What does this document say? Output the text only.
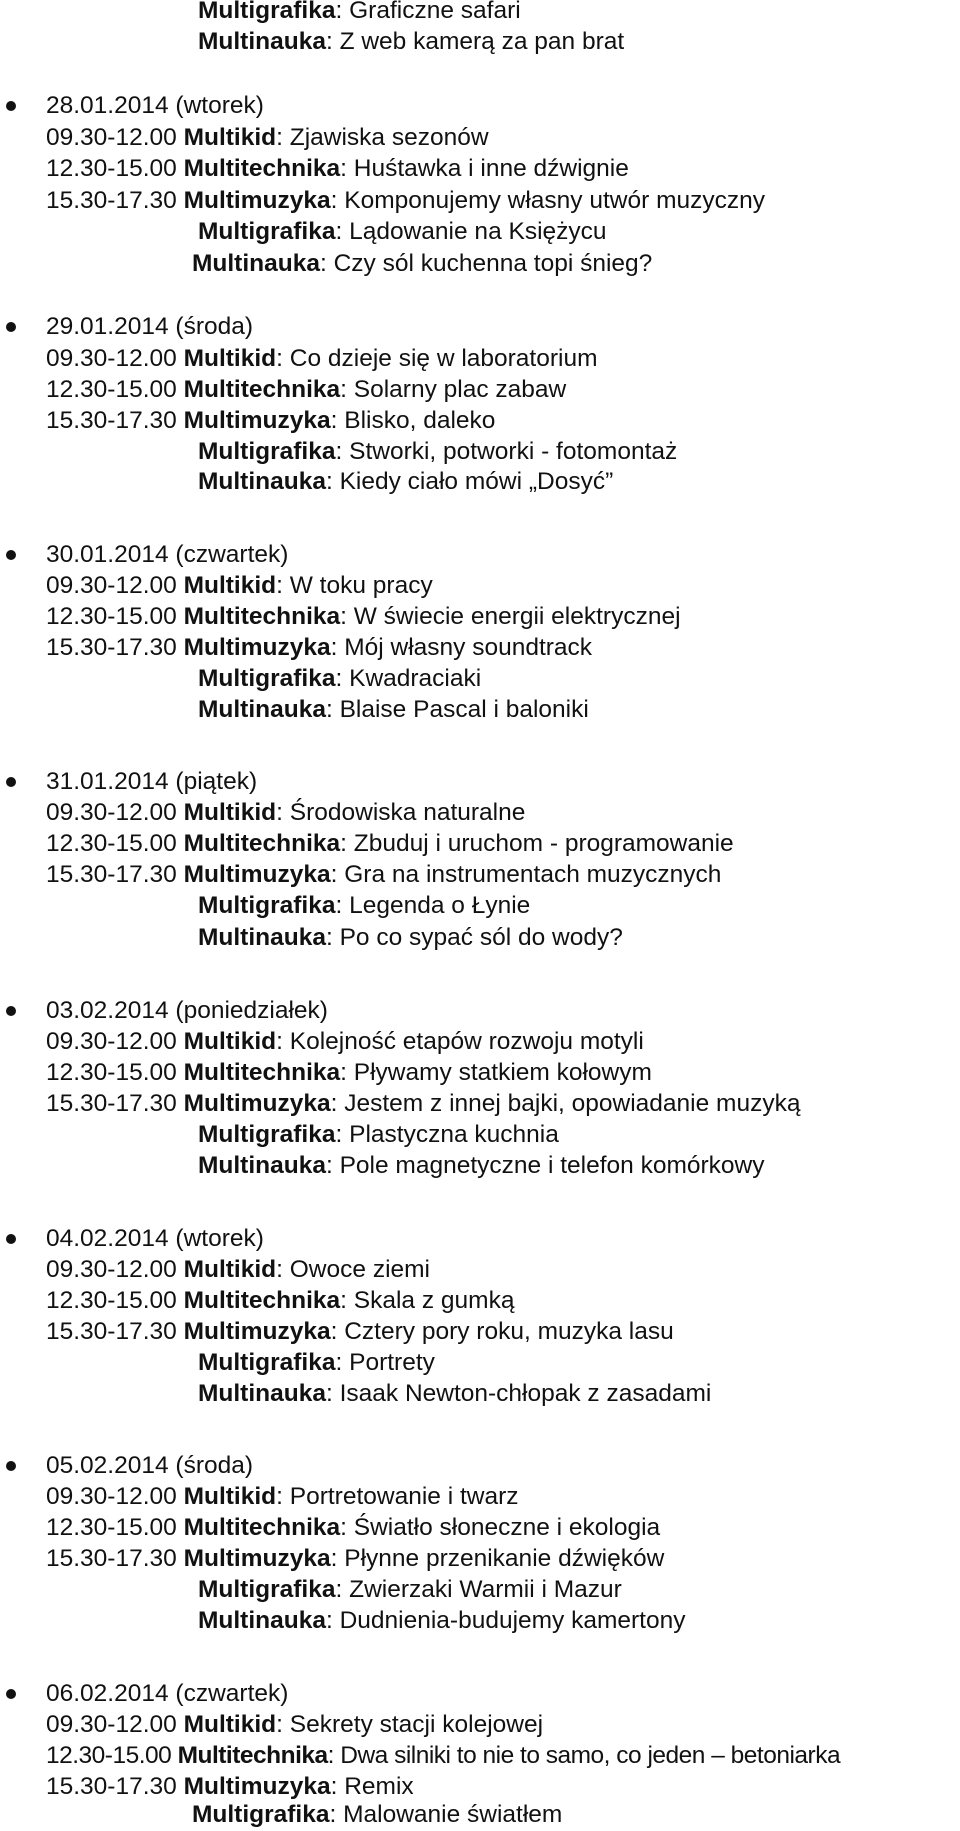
Multigrafika: Graficzne safari
Multinauka: Z web kamerą za pan brat
28.01.2014 (wtorek)
09.30-12.00 Multikid: Zjawiska sezonów
12.30-15.00 Multitechnika: Huśtawka i inne dźwignie
15.30-17.30 Multimuzyka: Komponujemy własny utwór muzyczny
Multigrafika: Lądowanie na Księżycu
Multinauka: Czy sól kuchenna topi śnieg?
29.01.2014 (środa)
09.30-12.00 Multikid: Co dzieje się w laboratorium
12.30-15.00 Multitechnika: Solarny plac zabaw
15.30-17.30 Multimuzyka: Blisko, daleko
Multigrafika: Stworki, potworki - fotomontaż
Multinauka: Kiedy ciało mówi „Dosyć”
30.01.2014 (czwartek)
09.30-12.00 Multikid: W toku pracy
12.30-15.00 Multitechnika: W świecie energii elektrycznej
15.30-17.30 Multimuzyka: Mój własny soundtrack
Multigrafika: Kwadraciaki
Multinauka: Blaise Pascal i baloniki
31.01.2014 (piątek)
09.30-12.00 Multikid: Środowiska naturalne
12.30-15.00 Multitechnika: Zbuduj i uruchom - programowanie
15.30-17.30 Multimuzyka: Gra na instrumentach muzycznych
Multigrafika: Legenda o Łynie
Multinauka: Po co sypać sól do wody?
03.02.2014 (poniedziałek)
09.30-12.00 Multikid: Kolejność etapów rozwoju motyli
12.30-15.00 Multitechnika: Pływamy statkiem kołowym
15.30-17.30 Multimuzyka: Jestem z innej bajki, opowiadanie muzyką
Multigrafika: Plastyczna kuchnia
Multinauka: Pole magnetyczne i telefon komórkowy
04.02.2014 (wtorek)
09.30-12.00 Multikid: Owoce ziemi
12.30-15.00 Multitechnika: Skala z gumką
15.30-17.30 Multimuzyka: Cztery pory roku, muzyka lasu
Multigrafika: Portrety
Multinauka: Isaak Newton-chłopak z zasadami
05.02.2014 (środa)
09.30-12.00 Multikid: Portretowanie i twarz
12.30-15.00 Multitechnika: Światło słoneczne i ekologia
15.30-17.30 Multimuzyka: Płynne przenikanie dźwięków
Multigrafika: Zwierzaki Warmii i Mazur
Multinauka: Dudnienia-budujemy kamertony
06.02.2014 (czwartek)
09.30-12.00 Multikid: Sekrety stacji kolejowej
12.30-15.00 Multitechnika: Dwa silniki to nie to samo, co jeden – betoniarka
15.30-17.30 Multimuzyka: Remix
Multigrafika: Malowanie światłem
